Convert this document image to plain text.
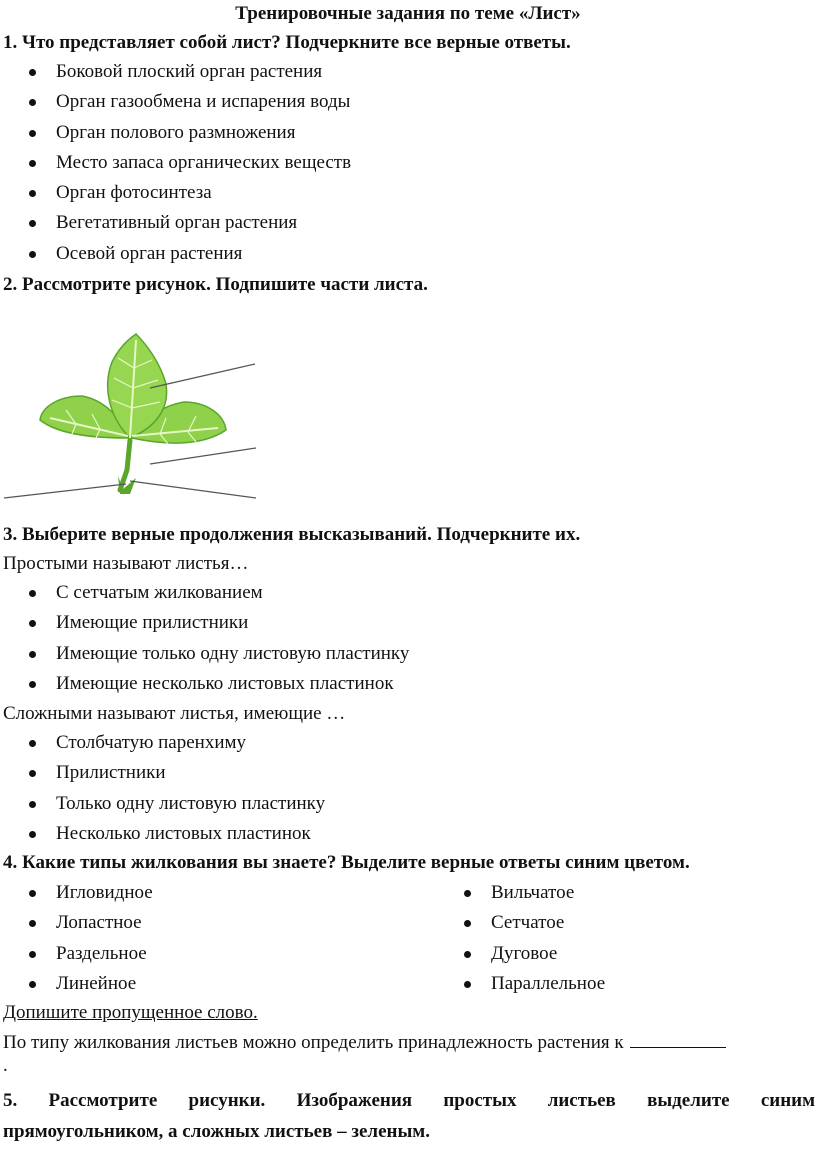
Тренировочные задания по теме «Лист»
1. Что представляет собой лист? Подчеркните все верные ответы.
Боковой плоский орган растения
Орган газообмена и испарения воды
Орган полового размножения
Место запаса органических веществ
Орган фотосинтеза
Вегетативный орган растения
Осевой орган растения
2. Рассмотрите рисунок. Подпишите части листа.
3. Выберите верные продолжения высказываний. Подчеркните их.
Простыми называют листья…
С сетчатым жилкованием
Имеющие прилистники
Имеющие только одну листовую пластинку
Имеющие несколько листовых пластинок
Сложными называют листья, имеющие …
Столбчатую паренхиму
Прилистники
Только одну листовую пластинку
Несколько листовых пластинок
4. Какие типы жилкования вы знаете? Выделите верные ответы синим цветом.
Игловидное
Лопастное
Раздельное
Линейное
Вильчатое
Сетчатое
Дуговое
Параллельное
Допишите пропущенное слово.
По типу жилкования листьев можно определить принадлежность растения к
.
5. Рассмотрите рисунки. Изображения простых листьев выделите синим
прямоугольником, а сложных листьев – зеленым.
